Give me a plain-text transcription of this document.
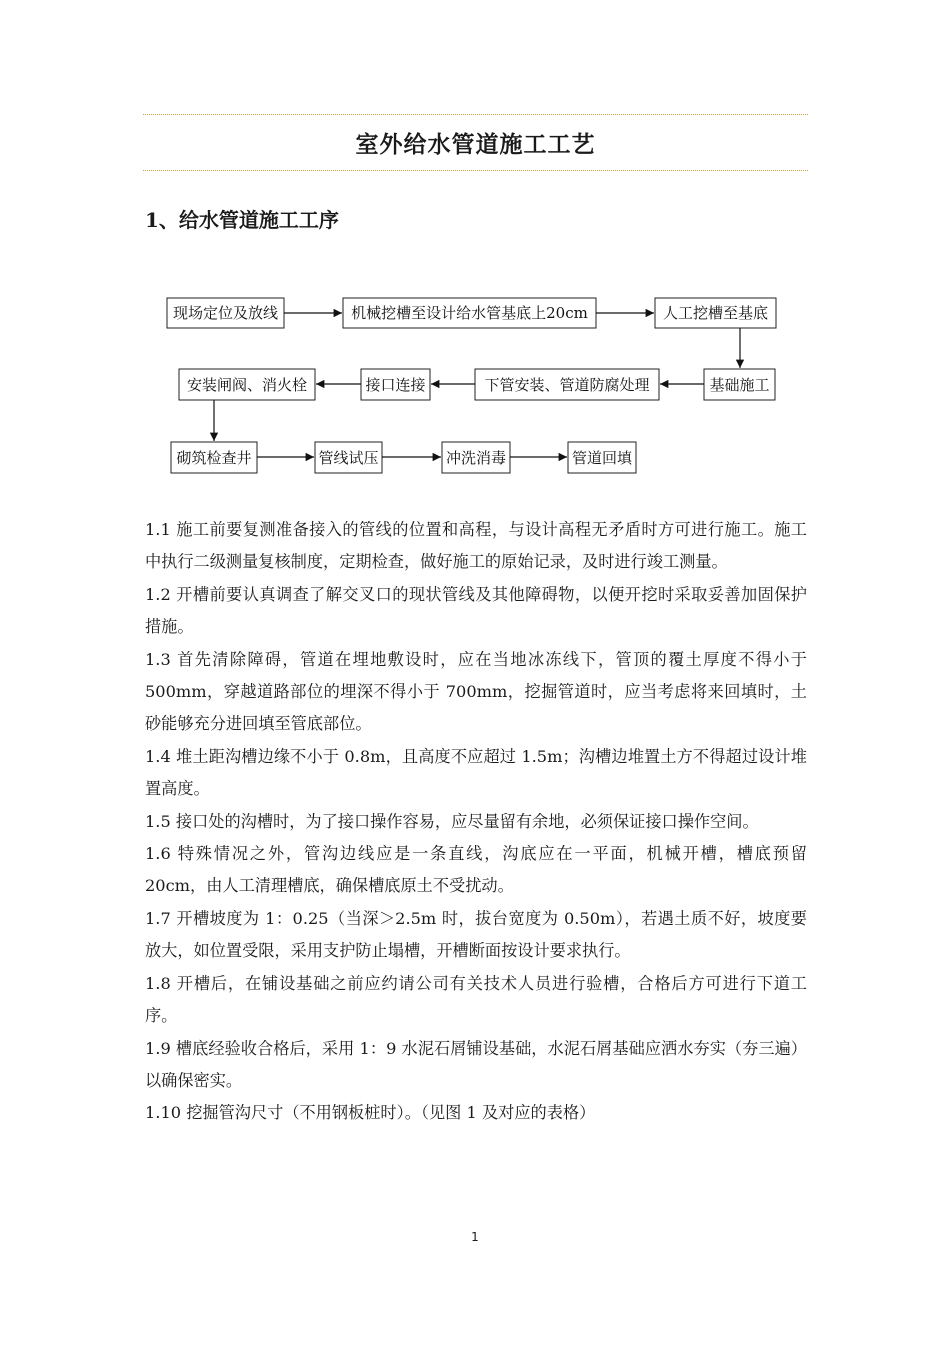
室外给水管道施工工艺
1、给水管道施工工序
现场定位及放线	机械挖槽至设计给水管基底上20cm	人工挖槽至基底
基础施工
下管安装、管道防腐处理
接口连接
安装闸阀、消火栓
砌筑检查井	管线试压	冲洗消毒	管道回填

1.1 施工前要复测准备接入的管线的位置和高程，与设计高程无矛盾时方可进行施工。施工中执行二级测量复核制度，定期检查，做好施工的原始记录，及时进行竣工测量。

1.2 开槽前要认真调查了解交叉口的现状管线及其他障碍物，以便开挖时采取妥善加固保护措施。

1.3 首先清除障碍，管道在埋地敷设时，应在当地冰冻线下，管顶的覆土厚度不得小于 500mm，穿越道路部位的埋深不得小于 700mm，挖掘管道时，应当考虑将来回填时，土砂能够充分进回填至管底部位。

1.4 堆土距沟槽边缘不小于 0.8m，且高度不应超过 1.5m；沟槽边堆置土方不得超过设计堆置高度。

1.5 接口处的沟槽时，为了接口操作容易，应尽量留有余地，必须保证接口操作空间。

1.6 特殊情况之外，管沟边线应是一条直线，沟底应在一平面，机械开槽，槽底预留 20cm，由人工清理槽底，确保槽底原土不受扰动。

1.7 开槽坡度为 1：0.25（当深＞2.5m 时，拔台宽度为 0.50m），若遇土质不好，坡度要放大，如位置受限，采用支护防止塌槽，开槽断面按设计要求执行。

1.8 开槽后，在铺设基础之前应约请公司有关技术人员进行验槽，合格后方可进行下道工序。

1.9 槽底经验收合格后，采用 1：9 水泥石屑铺设基础，水泥石屑基础应洒水夯实（夯三遍）以确保密实。

1.10 挖掘管沟尺寸（不用钢板桩时）。（见图 1 及对应的表格）

1
